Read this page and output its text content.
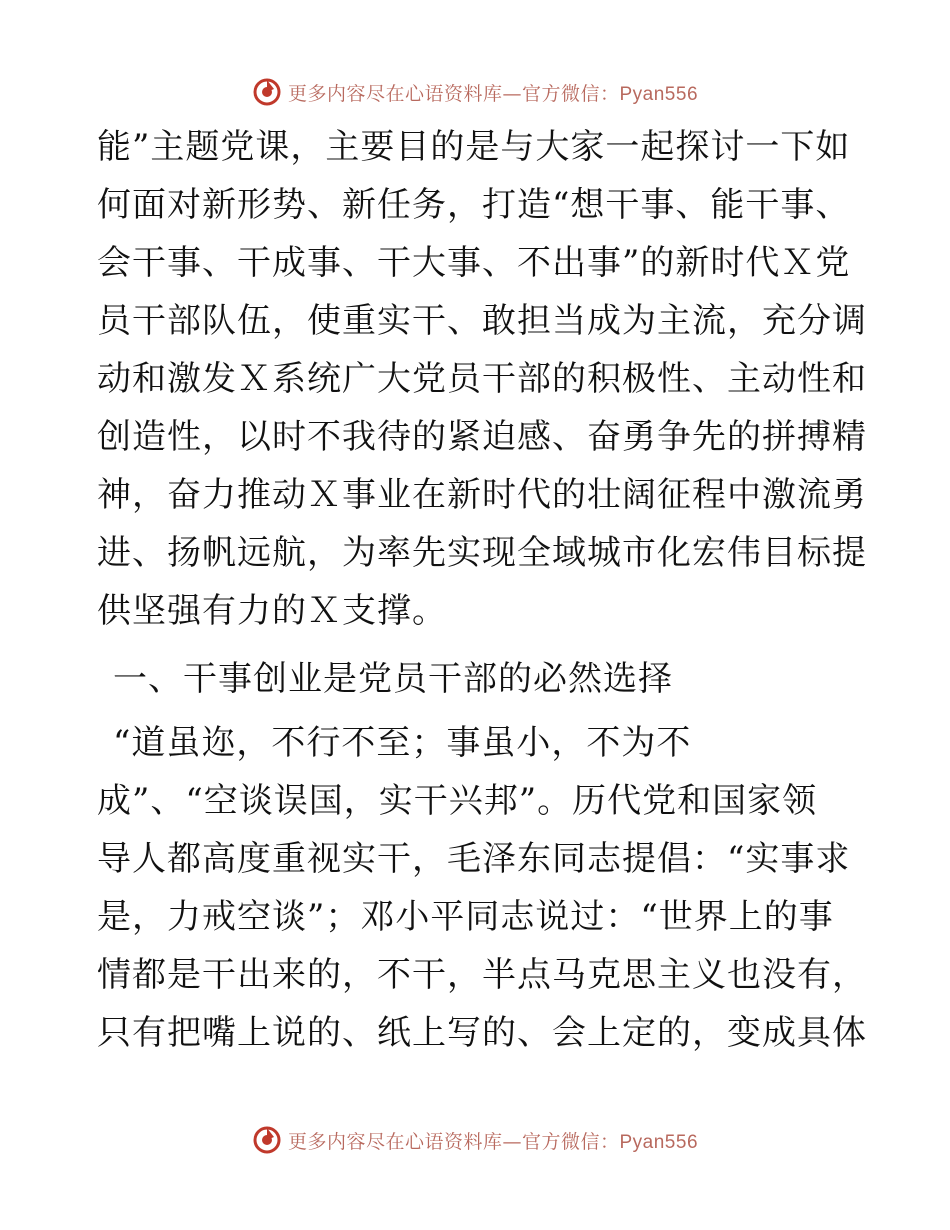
更多内容尽在心语资料库—官方微信：Pyan556
能”主题党课，主要目的是与大家一起探讨一下如
何面对新形势、新任务，打造“想干事、能干事、
会干事、干成事、干大事、不出事”的新时代Ｘ党
员干部队伍，使重实干、敢担当成为主流，充分调
动和激发Ｘ系统广大党员干部的积极性、主动性和
创造性，以时不我待的紧迫感、奋勇争先的拼搏精
神，奋力推动Ｘ事业在新时代的壮阔征程中激流勇
进、扬帆远航，为率先实现全域城市化宏伟目标提
供坚强有力的Ｘ支撑。
一、干事创业是党员干部的必然选择
“道虽迩，不行不至；事虽小，不为不
成”、“空谈误国，实干兴邦”。历代党和国家领
导人都高度重视实干，毛泽东同志提倡：“实事求
是，力戒空谈”；邓小平同志说过：“世界上的事
情都是干出来的，不干，半点马克思主义也没有，
只有把嘴上说的、纸上写的、会上定的，变成具体
更多内容尽在心语资料库—官方微信：Pyan556
